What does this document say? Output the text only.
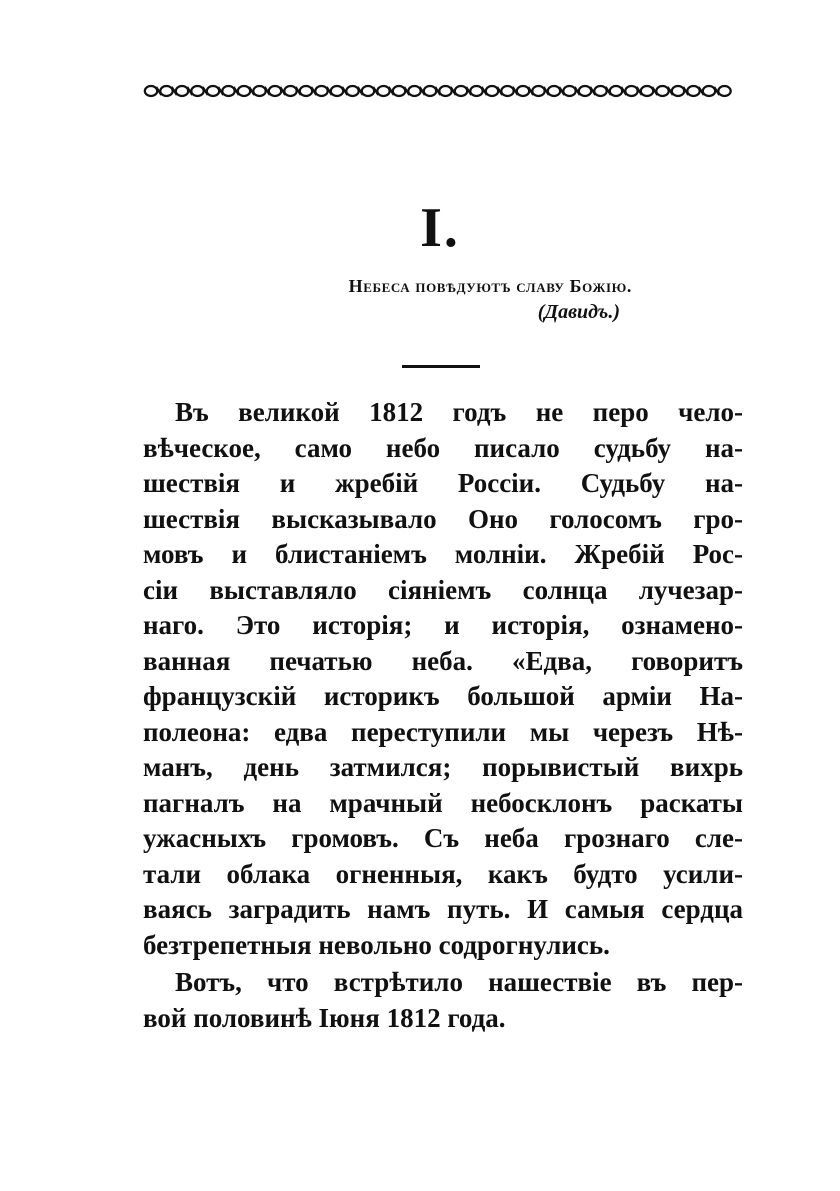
I.
Небеса повѣдуютъ славу Божію.
(Давидъ.)
Въ великой 1812 годъ не перо чело-
вѣческое, само небо писало судьбу на-
шествія и жребій Россіи. Судьбу на-
шествія высказывало Оно голосомъ гро-
мовъ и блистаніемъ молніи. Жребій Рос-
сіи выставляло сіяніемъ солнца лучезар-
наго. Это исторія; и исторія, ознамено-
ванная печатью неба. «Едва, говоритъ
французскій историкъ большой арміи На-
полеона: едва переступили мы черезъ Нѣ-
манъ, день затмился; порывистый вихрь
пагналъ на мрачный небосклонъ раскаты
ужасныхъ громовъ. Съ неба грознаго сле-
тали облака огненныя, какъ будто усили-
ваясь заградить намъ путь. И самыя сердца
безтрепетныя невольно содрогнулись.
Вотъ, что встрѣтило нашествіе въ пер-
вой половинѣ Іюня 1812 года.
